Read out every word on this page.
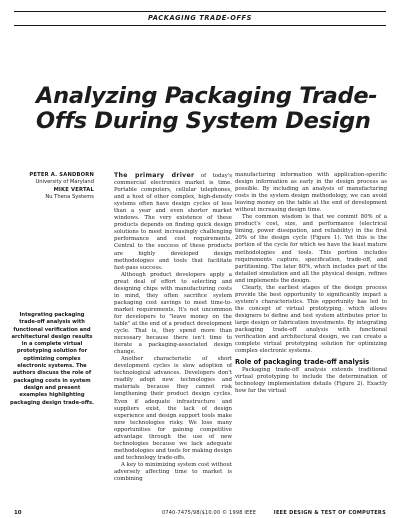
PACKAGING TRADE-OFFS
Analyzing Packaging Trade-Offs During System Design
PETER A. SANDBORN
University of Maryland
MIKE VERTAL
Nu Thena Systems
Integrating packaging trade-off analysis with functional verification and architectural design results in a complete virtual prototyping solution for optimizing complex electronic systems. The authors discuss the role of packaging costs in system design and present examples highlighting packaging design trade-offs.

The primary driver of today's commercial electronics market is time. Portable computers, cellular telephones, and a host of other complex, high-density systems often have design cycles of less than a year and even shorter market windows. The very existence of these products depends on finding quick design solutions to meet increasingly challenging performance and cost requirements. Central to the success of these products are highly developed design methodologies and tools that facilitate fast-pass success.

Although product developers apply a great deal of effort to selecting and designing chips with manufacturing costs in mind, they often sacrifice system packaging cost savings to meet time-to-market requirements. It's not uncommon for developers to "leave money on the table" at the end of a product development cycle. That is, they spend more than necessary because there isn't time to iterate a packaging-associated design change.

Another characteristic of short development cycles is slow adoption of technological advances. Developers don't readily adopt new technologies and materials because they cannot risk lengthening their product design cycles. Even if adequate infrastructure and suppliers exist, the lack of design experience and design support tools make new technologies risky. We lose many opportunities for gaining competitive advantage through the use of new technologies because we lack adequate methodologies and tools for making design and technology trade-offs.

A key to minimizing system cost without adversely affecting time to market is combining

manufacturing information with application-specific design information as early in the design process as possible. By including an analysis of manufacturing costs in the system design methodology, we can avoid leaving money on the table at the end of development without increasing design time.

The common wisdom is that we commit 80% of a product's cost, size, and performance (electrical timing, power dissipation, and reliability) in the first 20% of the design cycle (Figure 1). Yet this is the portion of the cycle for which we have the least mature methodologies and tools. This portion includes requirements capture, specification, trade-off, and partitioning. The later 80%, which includes part of the detailed simulation and all the physical design, refines and implements the design.

Clearly, the earliest stages of the design process provide the best opportunity to significantly impact a system's characteristics. This opportunity has led to the concept of virtual prototyping, which allows designers to define and test system attributes prior to large design or fabrication investments. By integrating packaging trade-off analysis with functional verification and architectural design, we can create a complete virtual prototyping solution for optimizing complex electronic systems.

Role of packaging trade-off analysis

Packaging trade-off analysis extends traditional virtual prototyping to include the determination of technology implementation details (Figure 2). Exactly how far the virtual

10	0740-7475/98/$10.00 © 1998 IEEE	IEEE DESIGN & TEST OF COMPUTERS
